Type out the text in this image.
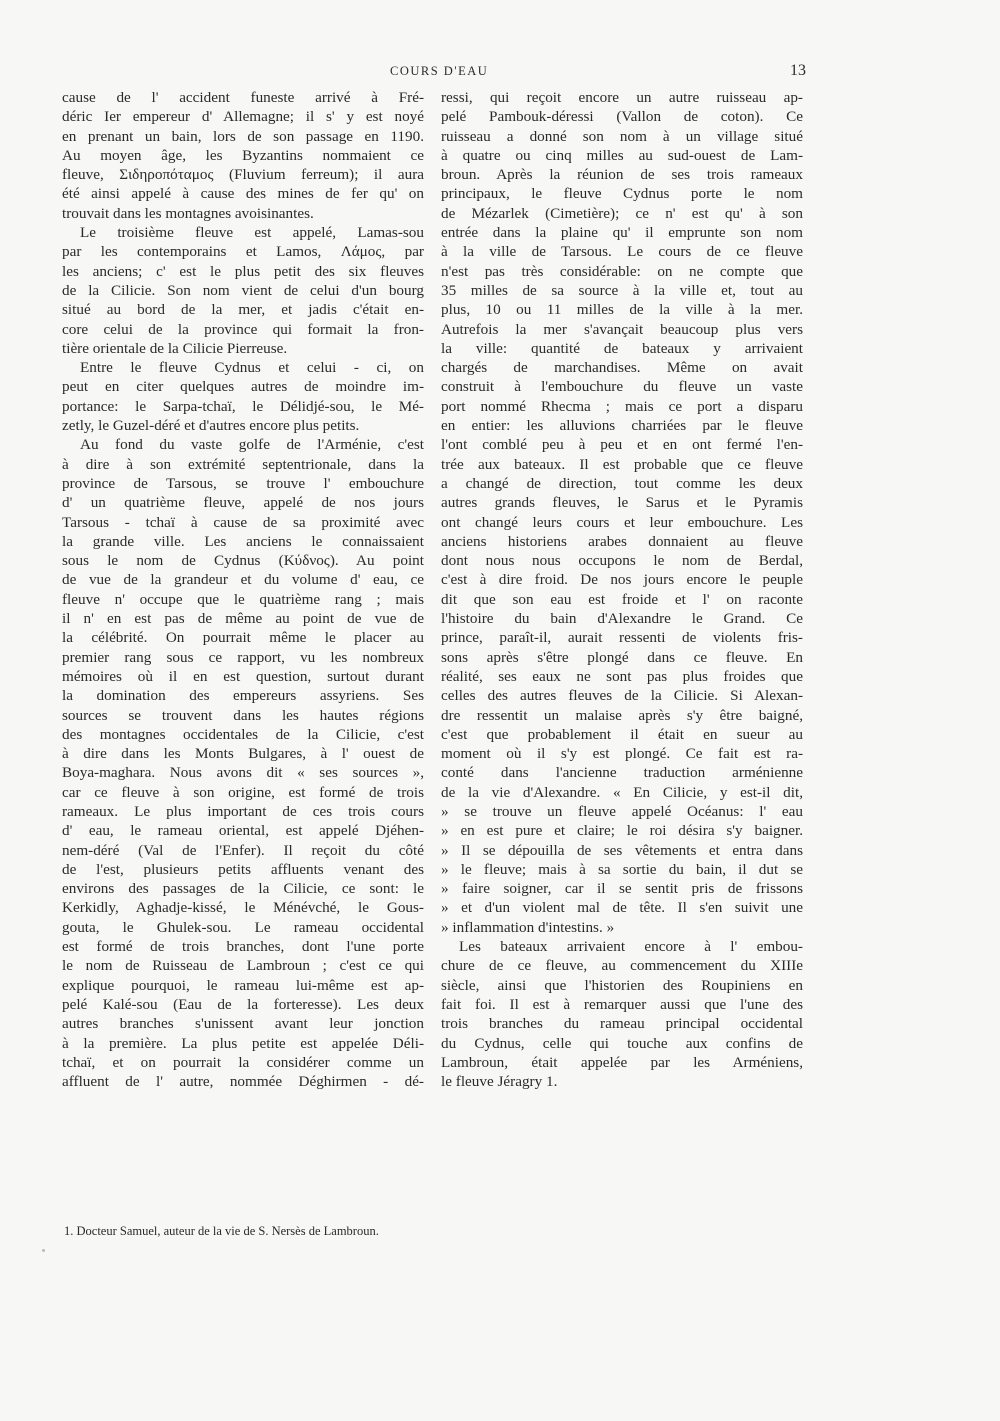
COURS D'EAU	13
cause de l' accident funeste arrivé à Fré-
déric Ier empereur d' Allemagne; il s' y est noyé
en prenant un bain, lors de son passage en 1190.
Au moyen âge, les Byzantins nommaient ce
fleuve, Σιδηροπόταμος (Fluvium ferreum); il aura
été ainsi appelé à cause des mines de fer qu' on
trouvait dans les montagnes avoisinantes.
Le troisième fleuve est appelé, Lamas-sou
par les contemporains et Lamos, Λάμος, par
les anciens; c' est le plus petit des six fleuves
de la Cilicie. Son nom vient de celui d'un bourg
situé au bord de la mer, et jadis c'était en-
core celui de la province qui formait la fron-
tière orientale de la Cilicie Pierreuse.
Entre le fleuve Cydnus et celui - ci, on
peut en citer quelques autres de moindre im-
portance: le Sarpa-tchaï, le Délidjé-sou, le Mé-
zetly, le Guzel-déré et d'autres encore plus petits.
Au fond du vaste golfe de l'Arménie, c'est
à dire à son extrémité septentrionale, dans la
province de Tarsous, se trouve l' embouchure
d' un quatrième fleuve, appelé de nos jours
Tarsous - tchaï à cause de sa proximité avec
la grande ville. Les anciens le connaissaient
sous le nom de Cydnus (Κύδνος). Au point
de vue de la grandeur et du volume d' eau, ce
fleuve n' occupe que le quatrième rang ; mais
il n' en est pas de même au point de vue de
la célébrité. On pourrait même le placer au
premier rang sous ce rapport, vu les nombreux
mémoires où il en est question, surtout durant
la domination des empereurs assyriens. Ses
sources se trouvent dans les hautes régions
des montagnes occidentales de la Cilicie, c'est
à dire dans les Monts Bulgares, à l' ouest de
Boya-maghara. Nous avons dit « ses sources »,
car ce fleuve à son origine, est formé de trois
rameaux. Le plus important de ces trois cours
d' eau, le rameau oriental, est appelé Djéhen-
nem-déré (Val de l'Enfer). Il reçoit du côté
de l'est, plusieurs petits affluents venant des
environs des passages de la Cilicie, ce sont: le
Kerkidly, Aghadje-kissé, le Ménévché, le Gous-
gouta, le Ghulek-sou. Le rameau occidental
est formé de trois branches, dont l'une porte
le nom de Ruisseau de Lambroun ; c'est ce qui
explique pourquoi, le rameau lui-même est ap-
pelé Kalé-sou (Eau de la forteresse). Les deux
autres branches s'unissent avant leur jonction
à la première. La plus petite est appelée Déli-
tchaï, et on pourrait la considérer comme un
affluent de l' autre, nommée Déghirmen - dé-
ressi, qui reçoit encore un autre ruisseau ap-
pelé Pambouk-déressi (Vallon de coton). Ce
ruisseau a donné son nom à un village situé
à quatre ou cinq milles au sud-ouest de Lam-
broun. Après la réunion de ses trois rameaux
principaux, le fleuve Cydnus porte le nom
de Mézarlek (Cimetière); ce n' est qu' à son
entrée dans la plaine qu' il emprunte son nom
à la ville de Tarsous. Le cours de ce fleuve
n'est pas très considérable: on ne compte que
35 milles de sa source à la ville et, tout au
plus, 10 ou 11 milles de la ville à la mer.
Autrefois la mer s'avançait beaucoup plus vers
la ville: quantité de bateaux y arrivaient
chargés de marchandises. Même on avait
construit à l'embouchure du fleuve un vaste
port nommé Rhecma ; mais ce port a disparu
en entier: les alluvions charriées par le fleuve
l'ont comblé peu à peu et en ont fermé l'en-
trée aux bateaux. Il est probable que ce fleuve
a changé de direction, tout comme les deux
autres grands fleuves, le Sarus et le Pyramis
ont changé leurs cours et leur embouchure. Les
anciens historiens arabes donnaient au fleuve
dont nous nous occupons le nom de Berdal,
c'est à dire froid. De nos jours encore le peuple
dit que son eau est froide et l' on raconte
l'histoire du bain d'Alexandre le Grand. Ce
prince, paraît-il, aurait ressenti de violents fris-
sons après s'être plongé dans ce fleuve. En
réalité, ses eaux ne sont pas plus froides que
celles des autres fleuves de la Cilicie. Si Alexan-
dre ressentit un malaise après s'y être baigné,
c'est que probablement il était en sueur au
moment où il s'y est plongé. Ce fait est ra-
conté dans l'ancienne traduction arménienne
de la vie d'Alexandre. « En Cilicie, y est-il dit,
» se trouve un fleuve appelé Océanus: l' eau
» en est pure et claire; le roi désira s'y baigner.
» Il se dépouilla de ses vêtements et entra dans
» le fleuve; mais à sa sortie du bain, il dut se
» faire soigner, car il se sentit pris de frissons
» et d'un violent mal de tête. Il s'en suivit une
» inflammation d'intestins. »
Les bateaux arrivaient encore à l' embou-
chure de ce fleuve, au commencement du XIIIe
siècle, ainsi que l'historien des Roupiniens en
fait foi. Il est à remarquer aussi que l'une des
trois branches du rameau principal occidental
du Cydnus, celle qui touche aux confins de
Lambroun, était appelée par les Arméniens,
le fleuve Jéragry 1.
1. Docteur Samuel, auteur de la vie de S. Nersès de Lambroun.
